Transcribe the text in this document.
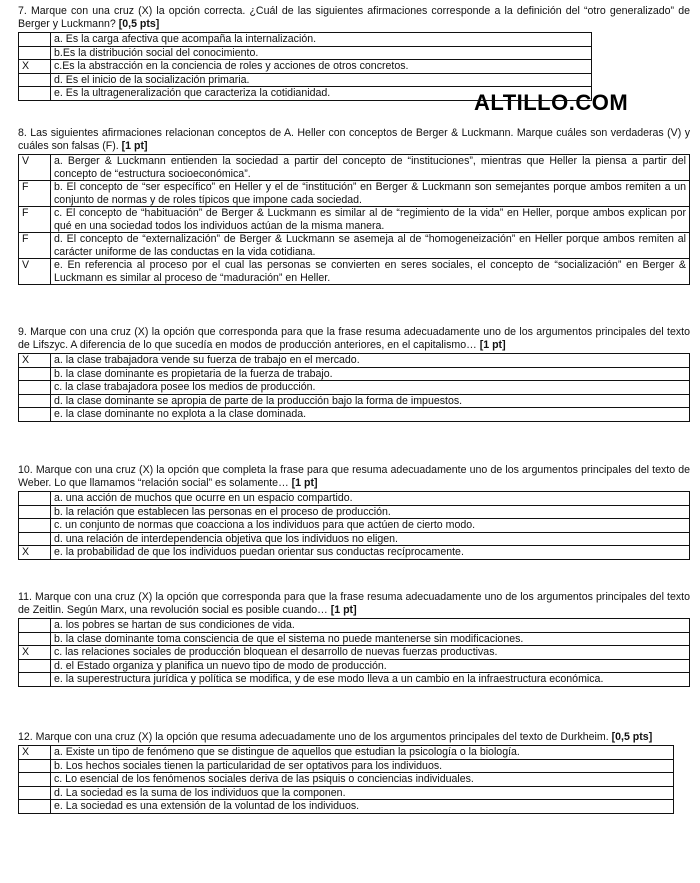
ALTILLO.COM

7. Marque con una cruz (X) la opción correcta. ¿Cuál de las siguientes afirmaciones corresponde a la definición del “otro generalizado” de Berger y Luckmann? [0,5 pts]

	a. Es la carga afectiva que acompaña la internalización.
	b.Es la distribución social del conocimiento.
X	c.Es la abstracción en la conciencia de roles y acciones de otros concretos.
	d. Es el inicio de la socialización primaria.
	e. Es la ultrageneralización que caracteriza la cotidianidad.

8. Las siguientes afirmaciones relacionan conceptos de A. Heller con conceptos de Berger & Luckmann. Marque cuáles son verdaderas (V) y cuáles son falsas (F). [1 pt]

V	a. Berger & Luckmann entienden la sociedad a partir del concepto de “instituciones”, mientras que Heller la piensa a partir del concepto de “estructura socioeconómica”.
F	b. El concepto de “ser específico” en Heller y el de “institución” en Berger & Luckmann son semejantes porque ambos remiten a un conjunto de normas y de roles típicos que impone cada sociedad.
F	c. El concepto de “habituación” de Berger & Luckmann es similar al de “regimiento de la vida” en Heller, porque ambos explican por qué en una sociedad todos los individuos actúan de la misma manera.
F	d. El concepto de “externalización” de Berger & Luckmann se asemeja al de “homogeneización” en Heller porque ambos remiten al carácter uniforme de las conductas en la vida cotidiana.
V	e. En referencia al proceso por el cual las personas se convierten en seres sociales, el concepto de “socialización” en Berger & Luckmann es similar al proceso de “maduración” en Heller.

9. Marque con una cruz (X) la opción que corresponda para que la frase resuma adecuadamente uno de los argumentos principales del texto de Lifszyc. A diferencia de lo que sucedía en modos de producción anteriores, en el capitalismo… [1 pt]

X	a. la clase trabajadora vende su fuerza de trabajo en el mercado.
	b. la clase dominante es propietaria de la fuerza de trabajo.
	c. la clase trabajadora posee los medios de producción.
	d. la clase dominante se apropia de parte de la producción bajo la forma de impuestos.
	e. la clase dominante no explota a la clase dominada.

10. Marque con una cruz (X) la opción que completa la frase para que resuma adecuadamente uno de los argumentos principales del texto de Weber. Lo que llamamos “relación social” es solamente… [1 pt]

	a. una acción de muchos que ocurre en un espacio compartido.
	b. la relación que establecen las personas en el proceso de producción.
	c. un conjunto de normas que coacciona a los individuos para que actúen de cierto modo.
	d. una relación de interdependencia objetiva que los individuos no eligen.
X	e. la probabilidad de que los individuos puedan orientar sus conductas recíprocamente.

11. Marque con una cruz (X) la opción que corresponda para que la frase resuma adecuadamente uno de los argumentos principales del texto de Zeitlin. Según Marx, una revolución social es posible cuando… [1 pt]

	a. los pobres se hartan de sus condiciones de vida.
	b. la clase dominante toma consciencia de que el sistema no puede mantenerse sin modificaciones.
X	c. las relaciones sociales de producción bloquean el desarrollo de nuevas fuerzas productivas.
	d. el Estado organiza y planifica un nuevo tipo de modo de producción.
	e. la superestructura jurídica y política se modifica, y de ese modo lleva a un cambio en la infraestructura económica.

12. Marque con una cruz (X) la opción que resuma adecuadamente uno de los argumentos principales del texto de Durkheim. [0,5 pts]

X	a. Existe un tipo de fenómeno que se distingue de aquellos que estudian la psicología o la biología.
	b. Los hechos sociales tienen la particularidad de ser optativos para los individuos.
	c. Lo esencial de los fenómenos sociales deriva de las psiquis o conciencias individuales.
	d. La sociedad es la suma de los individuos que la componen.
	e. La sociedad es una extensión de la voluntad de los individuos.
